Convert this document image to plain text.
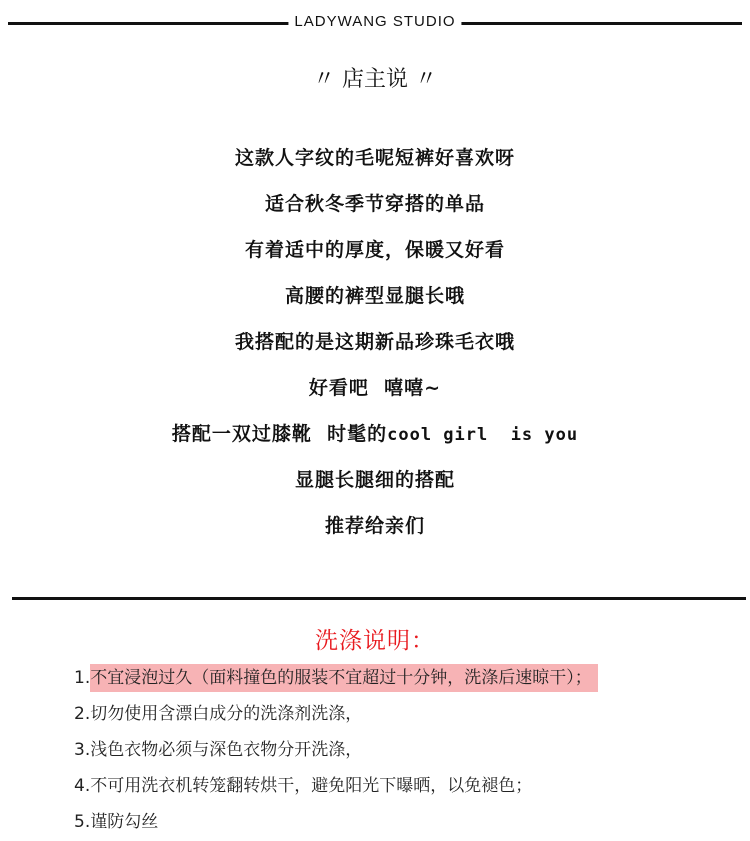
LADYWANG STUDIO
〃 店主说 〃
这款人字纹的毛呢短裤好喜欢呀
适合秋冬季节穿搭的单品
有着适中的厚度，保暖又好看
高腰的裤型显腿长哦
我搭配的是这期新品珍珠毛衣哦
好看吧  嘻嘻~
搭配一双过膝靴  时髦的cool girl  is you
显腿长腿细的搭配
推荐给亲们
洗涤说明：
1.不宜浸泡过久（面料撞色的服装不宜超过十分钟，洗涤后速晾干）；
2.切勿使用含漂白成分的洗涤剂洗涤，
3.浅色衣物必须与深色衣物分开洗涤，
4.不可用洗衣机转笼翻转烘干，避免阳光下曝晒，以免褪色；
5.谨防勾丝
